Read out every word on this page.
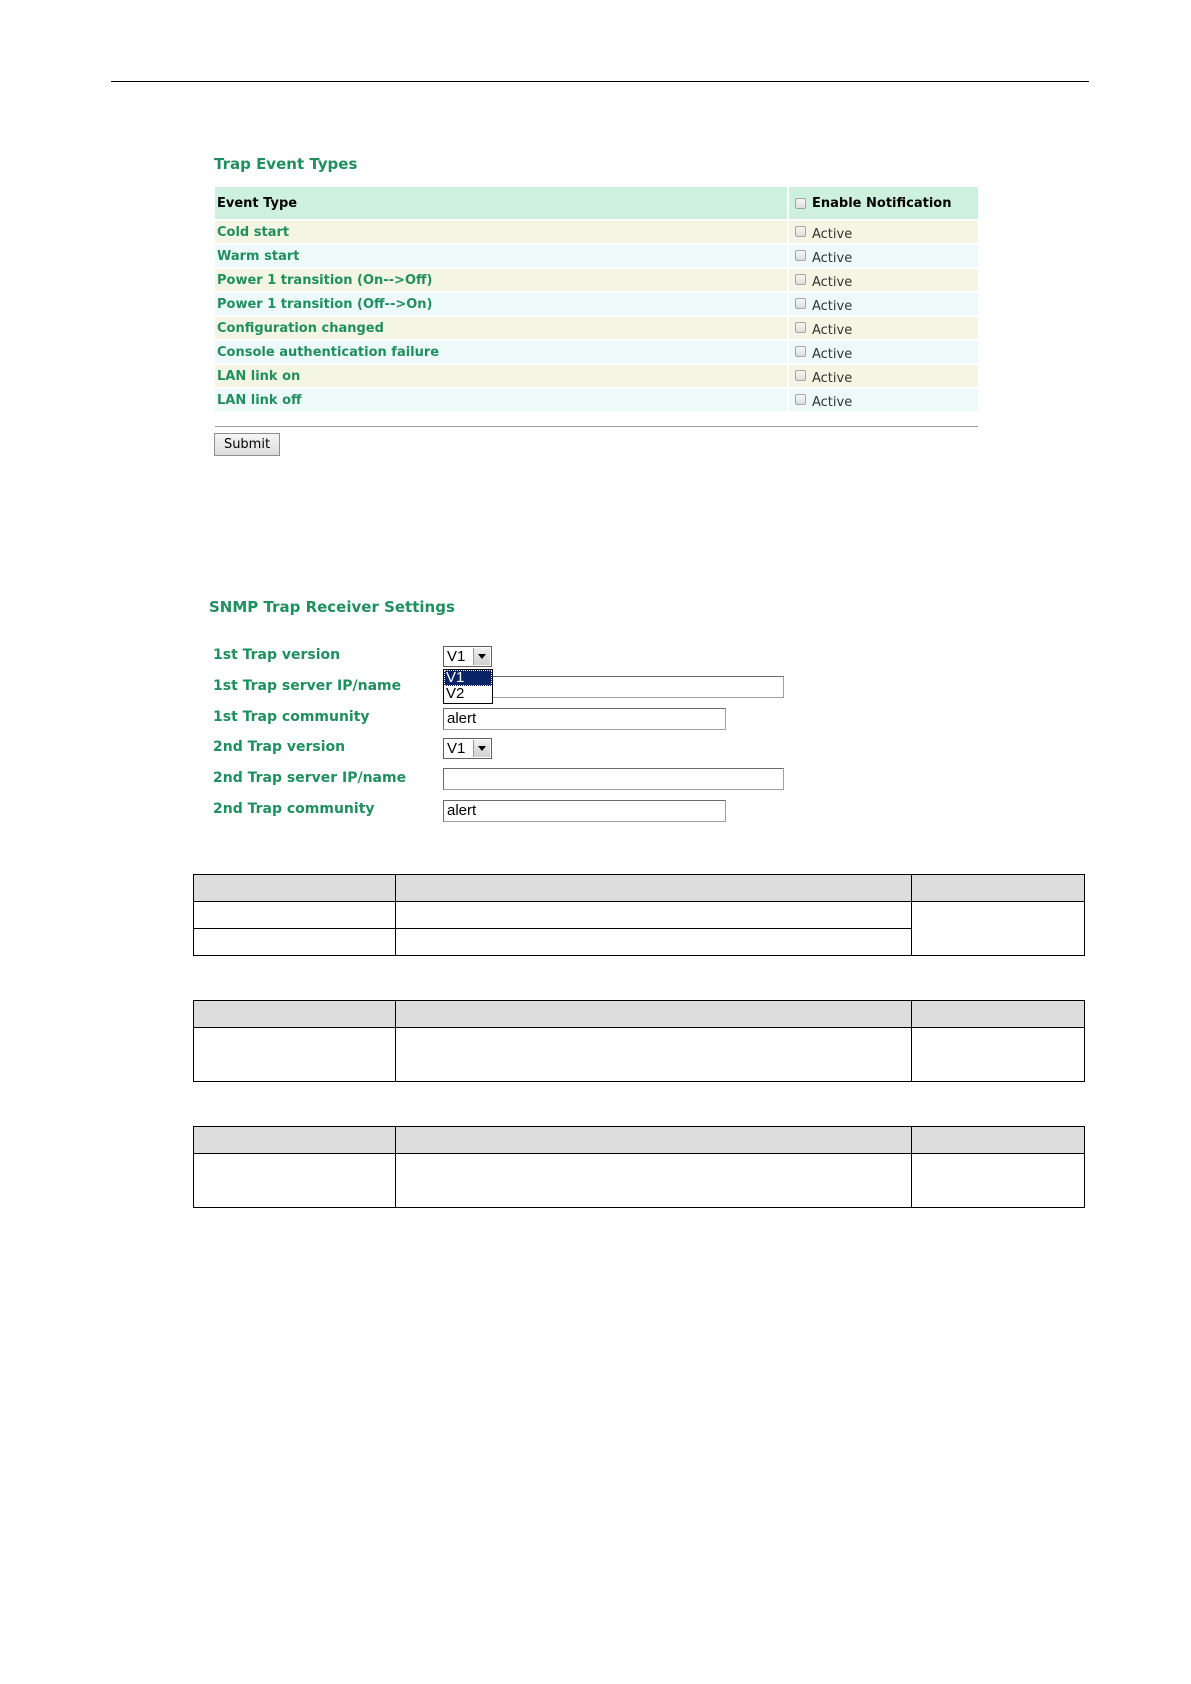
Trap Event Types
Event Type	Enable Notification
Cold start	Active
Warm start	Active
Power 1 transition (On-->Off)	Active
Power 1 transition (Off-->On)	Active
Configuration changed	Active
Console authentication failure	Active
LAN link on	Active
LAN link off	Active
Submit
SNMP Trap Receiver Settings
1st Trap version	V1
V1
V2
1st Trap server IP/name
1st Trap community	alert
2nd Trap version	V1
2nd Trap server IP/name
2nd Trap community	alert
